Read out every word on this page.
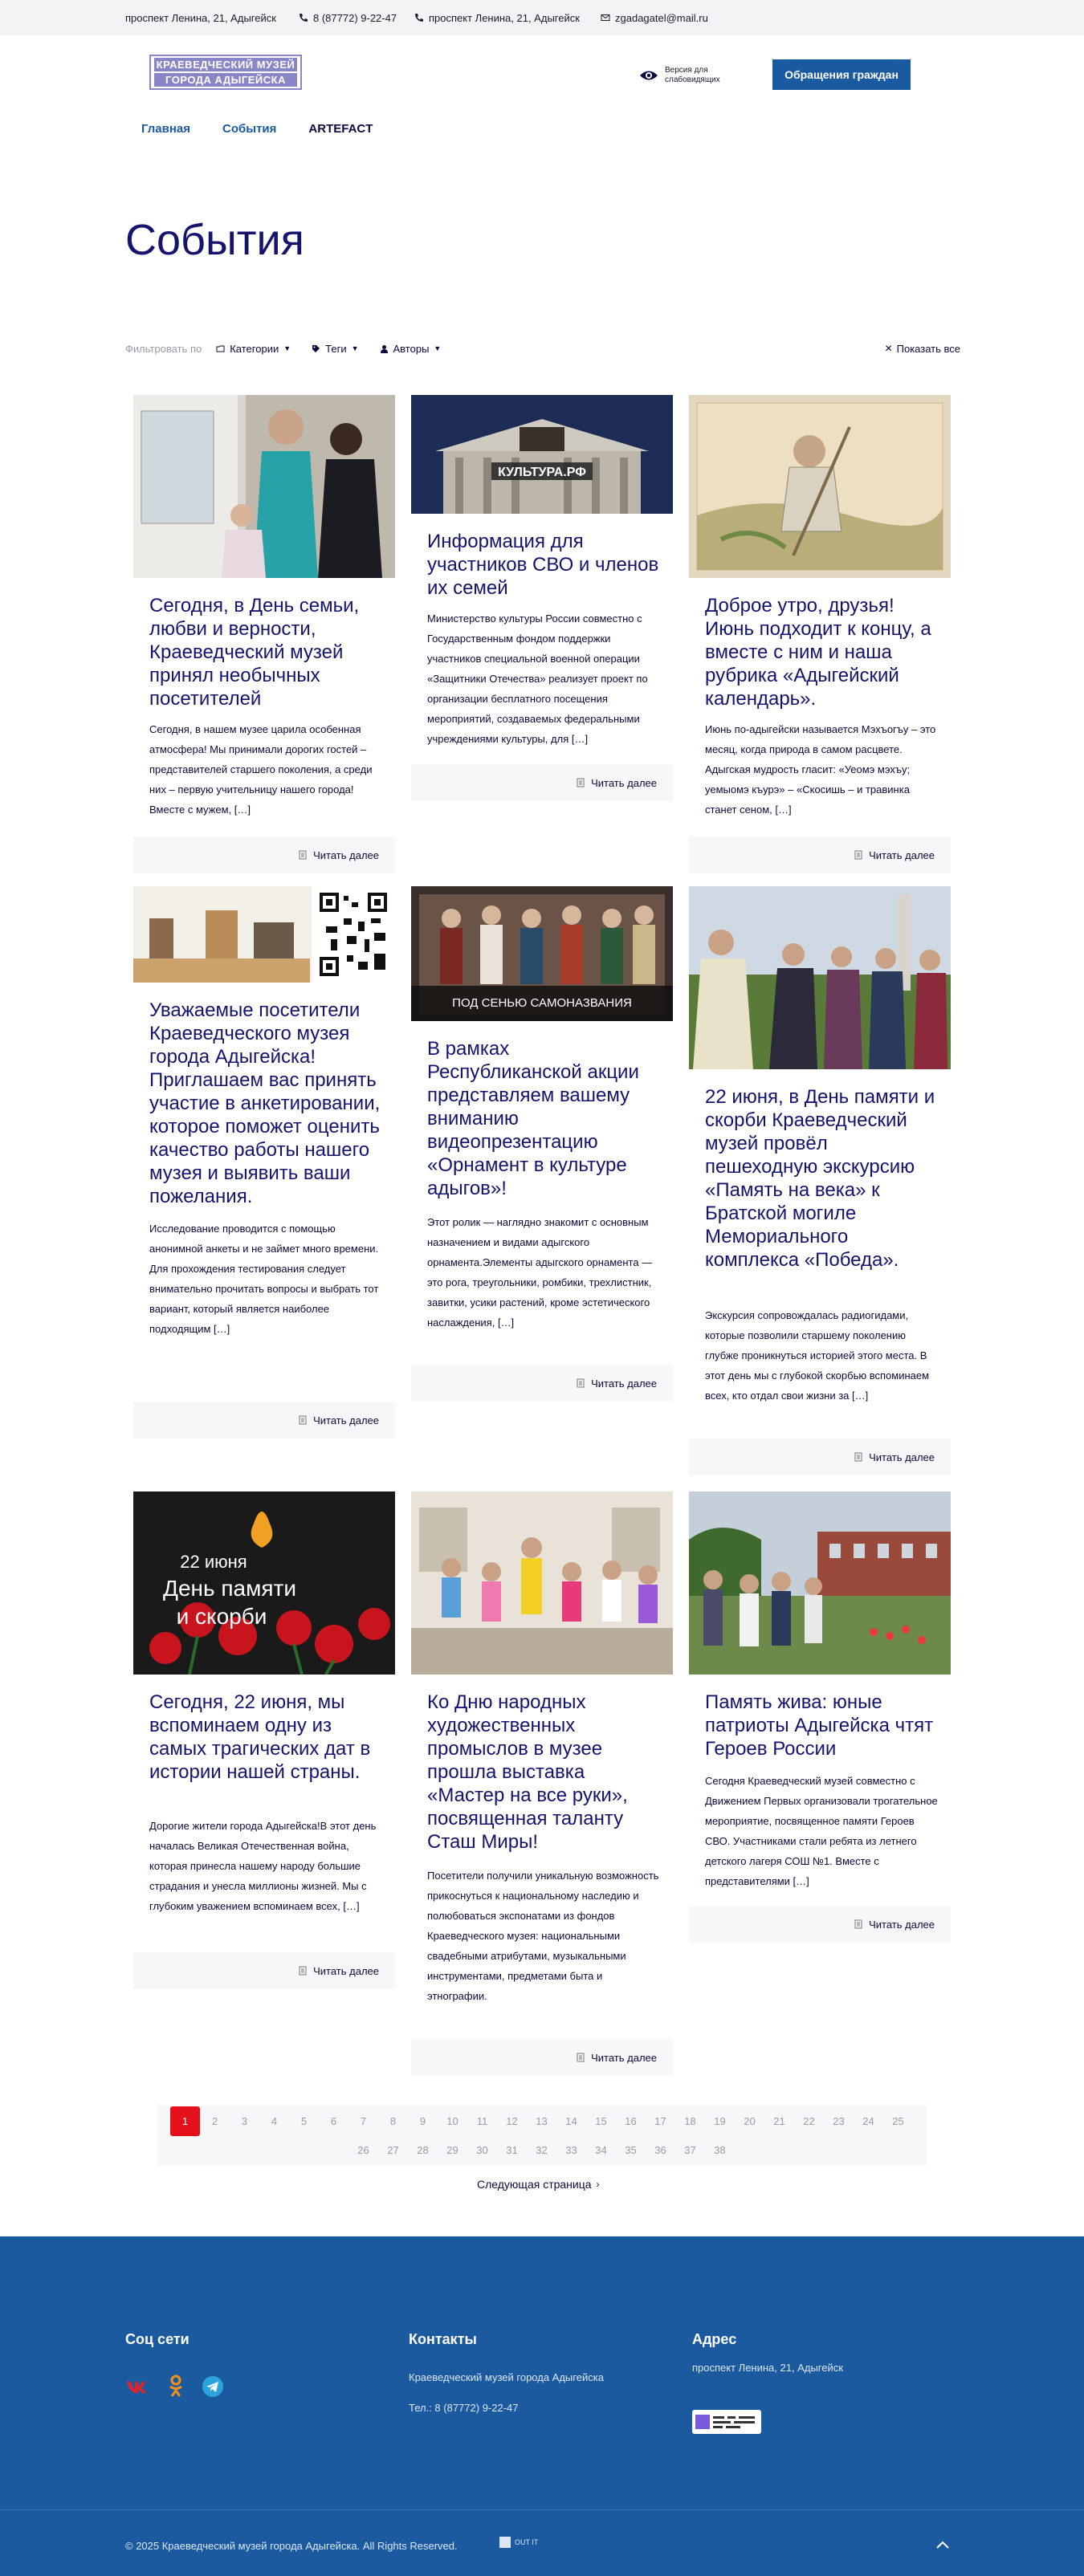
проспект Ленина, 21, Адыгейск	8 (87772) 9-22-47	проспект Ленина, 21, Адыгейск	zgadagatel@mail.ru
КРАЕВЕДЧЕСКИЙ МУЗЕЙ
ГОРОДА АДЫГЕЙСКА
Версия для
слабовидящих	Обращения граждан
Главная	События	ARTEFACT
События
Фильтровать по	Категории ▼	Теги ▼	Авторы ▼	✕ Показать все
Сегодня, в День семьи, любви и верности, Краеведческий музей принял необычных посетителей

Сегодня, в нашем музее царила особенная атмосфера! Мы принимали дорогих гостей – представителей старшего поколения, а среди них – первую учительницу нашего города! Вместе с мужем, […]

Читать далее
КУЛЬТУРА.РФ
Информация для участников СВО и членов их семей

Министерство культуры России совместно с Государственным фондом поддержки участников специальной военной операции «Защитники Отечества» реализует проект по организации бесплатного посещения мероприятий, создаваемых федеральными учреждениями культуры, для […]

Читать далее
Доброе утро, друзья! Июнь подходит к концу, а вместе с ним и наша рубрика «Адыгейский календарь».

Июнь по-адыгейски называется Мэхъогъу – это месяц, когда природа в самом расцвете. Адыгская мудрость гласит: «Уеомэ мэхъу; уемыомэ къурэ» – «Скосишь – и травинка станет сеном, […]

Читать далее
Уважаемые посетители Краеведческого музея города Адыгейска! Приглашаем вас принять участие в анкетировании, которое поможет оценить качество работы нашего музея и выявить ваши пожелания.

Исследование проводится с помощью анонимной анкеты и не займет много времени. Для прохождения тестирования следует внимательно прочитать вопросы и выбрать тот вариант, который является наиболее подходящим […]

Читать далее
ПОД СЕНЬЮ САМОНАЗВАНИЯ
В рамках Республиканской акции представляем вашему вниманию видеопрезентацию «Орнамент в культуре адыгов»!

Этот ролик — наглядно знакомит с основным назначением и видами адыгского орнамента.Элементы адыгского орнамента — это рога, треугольники, ромбики, трехлистник, завитки, усики растений, кроме эстетического наслаждения, […]

Читать далее
22 июня, в День памяти и скорби Краеведческий музей провёл пешеходную экскурсию «Память на века» к Братской могиле Мемориального комплекса «Победа».

Экскурсия сопровождалась радиогидами, которые позволили старшему поколению глубже проникнуться историей этого места. В этот день мы с глубокой скорбью вспоминаем всех, кто отдал свои жизни за […]

Читать далее
22 июня
День памяти
и скорби
Сегодня, 22 июня, мы вспоминаем одну из самых трагических дат в истории нашей страны.

Дорогие жители города Адыгейска!В этот день началась Великая Отечественная война, которая принесла нашему народу большие страдания и унесла миллионы жизней. Мы с глубоким уважением вспоминаем всех, […]

Читать далее
Ко Дню народных художественных промыслов в музее прошла выставка «Мастер на все руки», посвященная таланту Сташ Миры!

Посетители получили уникальную возможность прикоснуться к национальному наследию и полюбоваться экспонатами из фондов Краеведческого музея: национальными свадебными атрибутами, музыкальными инструментами, предметами быта и этнографии.

Читать далее
Память жива: юные патриоты Адыгейска чтят Героев России

Сегодня Краеведческий музей совместно с Движением Первых организовали трогательное мероприятие, посвященное памяти Героев СВО. Участниками стали ребята из летнего детского лагеря СОШ №1. Вместе с представителями […]

Читать далее
1	2	3	4	5	6	7	8	9	10	11	12	13	14	15	16	17	18	19	20	21	22	23	24	25
26	27	28	29	30	31	32	33	34	35	36	37	38
Следующая страница ›
Соц сети	Контакты
Краеведческий музей города Адыгейска
Тел.: 8 (87772) 9-22-47
Адрес
проспект Ленина, 21, Адыгейск
© 2025 Краеведческий музей города Адыгейска. All Rights Reserved.	OUT IT
